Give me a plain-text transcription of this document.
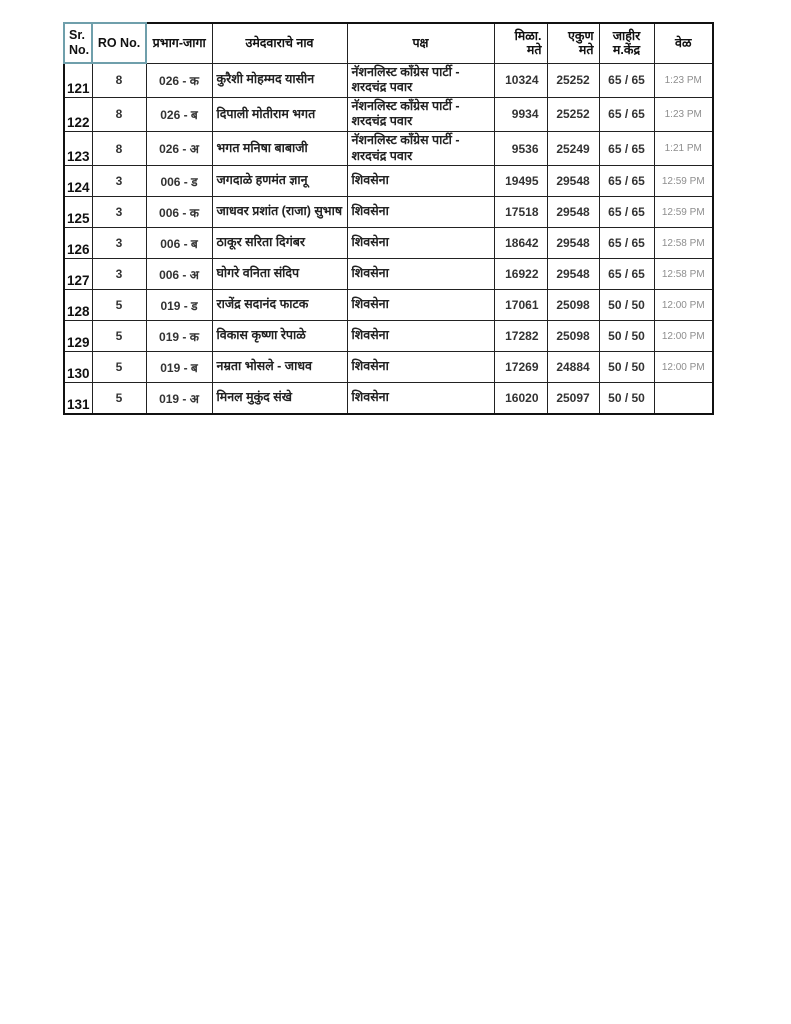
Sr. No.	RO No.	प्रभाग-जागा	उमेदवाराचे नाव	पक्ष	मिळा. मते	एकुण मते	जाहीर म.केंद्र	वेळ
121	8	026 - क	कुरैशी मोहम्मद यासीन	नॅशनलिस्ट काँग्रेस पार्टी - शरदचंद्र पवार	10324	25252	65 / 65	1:23 PM
122	8	026 - ब	दिपाली मोतीराम भगत	नॅशनलिस्ट काँग्रेस पार्टी - शरदचंद्र पवार	9934	25252	65 / 65	1:23 PM
123	8	026 - अ	भगत मनिषा बाबाजी	नॅशनलिस्ट काँग्रेस पार्टी - शरदचंद्र पवार	9536	25249	65 / 65	1:21 PM
124	3	006 - ड	जगदाळे हणमंत ज्ञानू	शिवसेना	19495	29548	65 / 65	12:59 PM
125	3	006 - क	जाधवर प्रशांत (राजा) सुभाष	शिवसेना	17518	29548	65 / 65	12:59 PM
126	3	006 - ब	ठाकूर सरिता दिगंबर	शिवसेना	18642	29548	65 / 65	12:58 PM
127	3	006 - अ	घोगरे वनिता संदिप	शिवसेना	16922	29548	65 / 65	12:58 PM
128	5	019 - ड	राजेंद्र सदानंद फाटक	शिवसेना	17061	25098	50 / 50	12:00 PM
129	5	019 - क	विकास कृष्णा रेपाळे	शिवसेना	17282	25098	50 / 50	12:00 PM
130	5	019 - ब	नम्रता भोसले - जाधव	शिवसेना	17269	24884	50 / 50	12:00 PM
131	5	019 - अ	मिनल मुकुंद संखे	शिवसेना	16020	25097	50 / 50	
